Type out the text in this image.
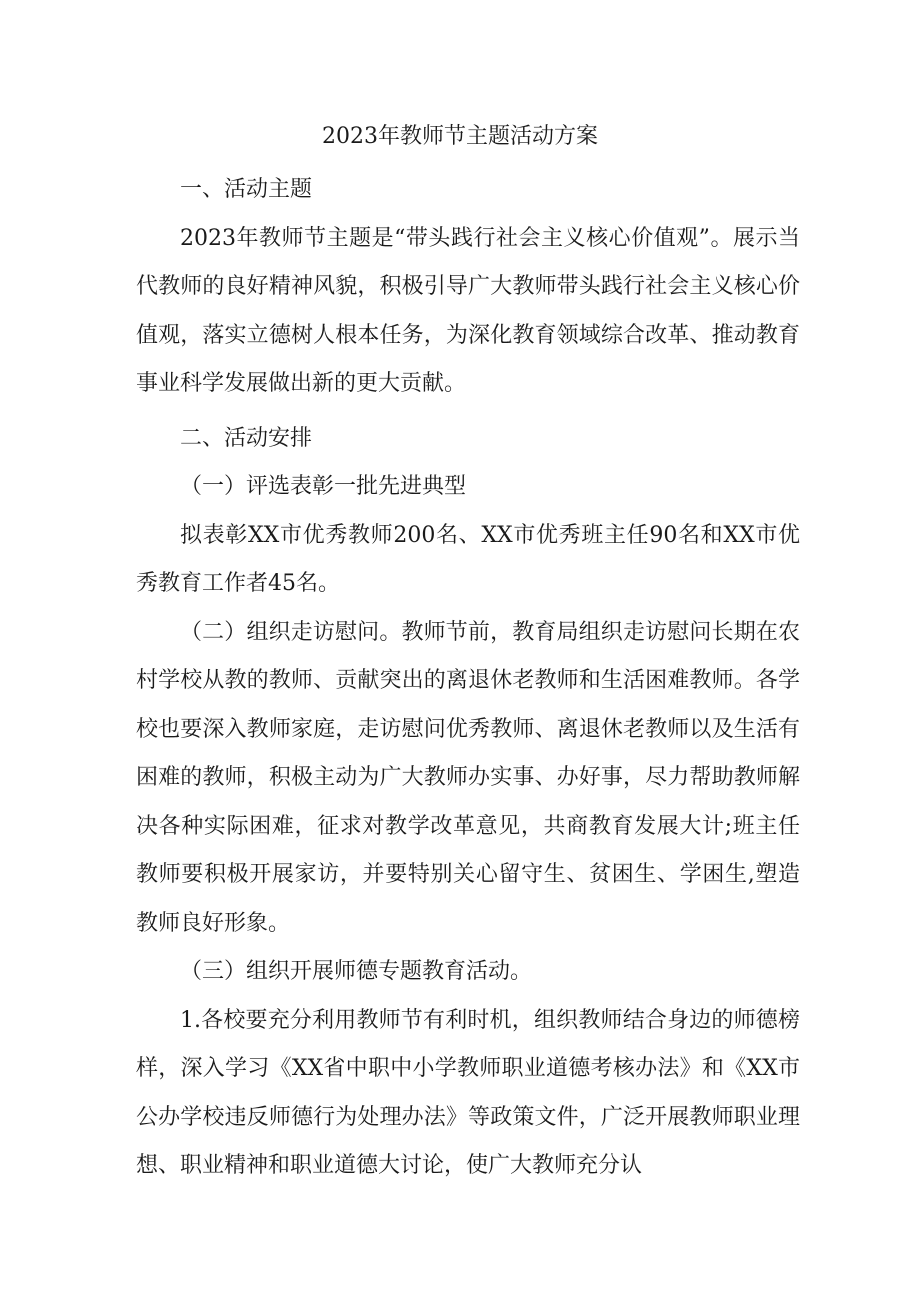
2023年教师节主题活动方案

一、活动主题

2023年教师节主题是“带头践行社会主义核心价值观”。展示当代教师的良好精神风貌，积极引导广大教师带头践行社会主义核心价值观，落实立德树人根本任务，为深化教育领域综合改革、推动教育事业科学发展做出新的更大贡献。

二、活动安排

（一）评选表彰一批先进典型

拟表彰XX市优秀教师200名、XX市优秀班主任90名和XX市优秀教育工作者45名。

（二）组织走访慰问。教师节前，教育局组织走访慰问长期在农村学校从教的教师、贡献突出的离退休老教师和生活困难教师。各学校也要深入教师家庭，走访慰问优秀教师、离退休老教师以及生活有困难的教师，积极主动为广大教师办实事、办好事，尽力帮助教师解决各种实际困难，征求对教学改革意见，共商教育发展大计;班主任教师要积极开展家访，并要特别关心留守生、贫困生、学困生,塑造教师良好形象。

（三）组织开展师德专题教育活动。

1.各校要充分利用教师节有利时机，组织教师结合身边的师德榜样，深入学习《XX省中职中小学教师职业道德考核办法》和《XX市公办学校违反师德行为处理办法》等政策文件，广泛开展教师职业理想、职业精神和职业道德大讨论，使广大教师充分认
